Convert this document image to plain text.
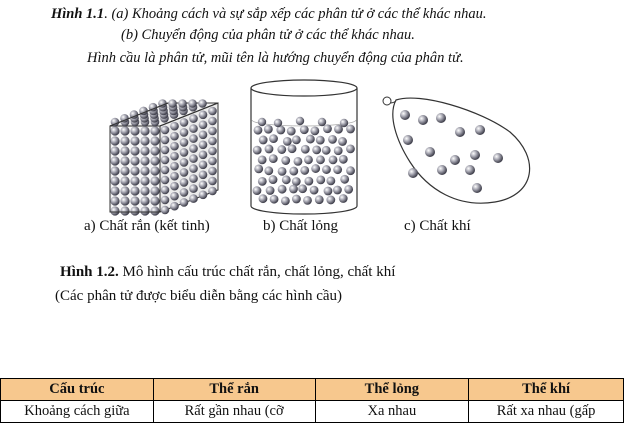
Hình 1.1. (a) Khoảng cách và sự sắp xếp các phân tử ở các thể khác nhau.
(b) Chuyển động của phân tử ở các thể khác nhau.
Hình cầu là phân tử, mũi tên là hướng chuyển động của phân tử.
a) Chất rắn (kết tinh)	b) Chất lỏng	c) Chất khí
Hình 1.2. Mô hình cấu trúc chất rắn, chất lỏng, chất khí
(Các phân tử được biểu diễn bằng các hình cầu)
Cấu trúc	Thể rắn	Thể lỏng	Thể khí
Khoảng cách giữa	Rất gần nhau (cỡ	Xa nhau	Rất xa nhau (gấp
